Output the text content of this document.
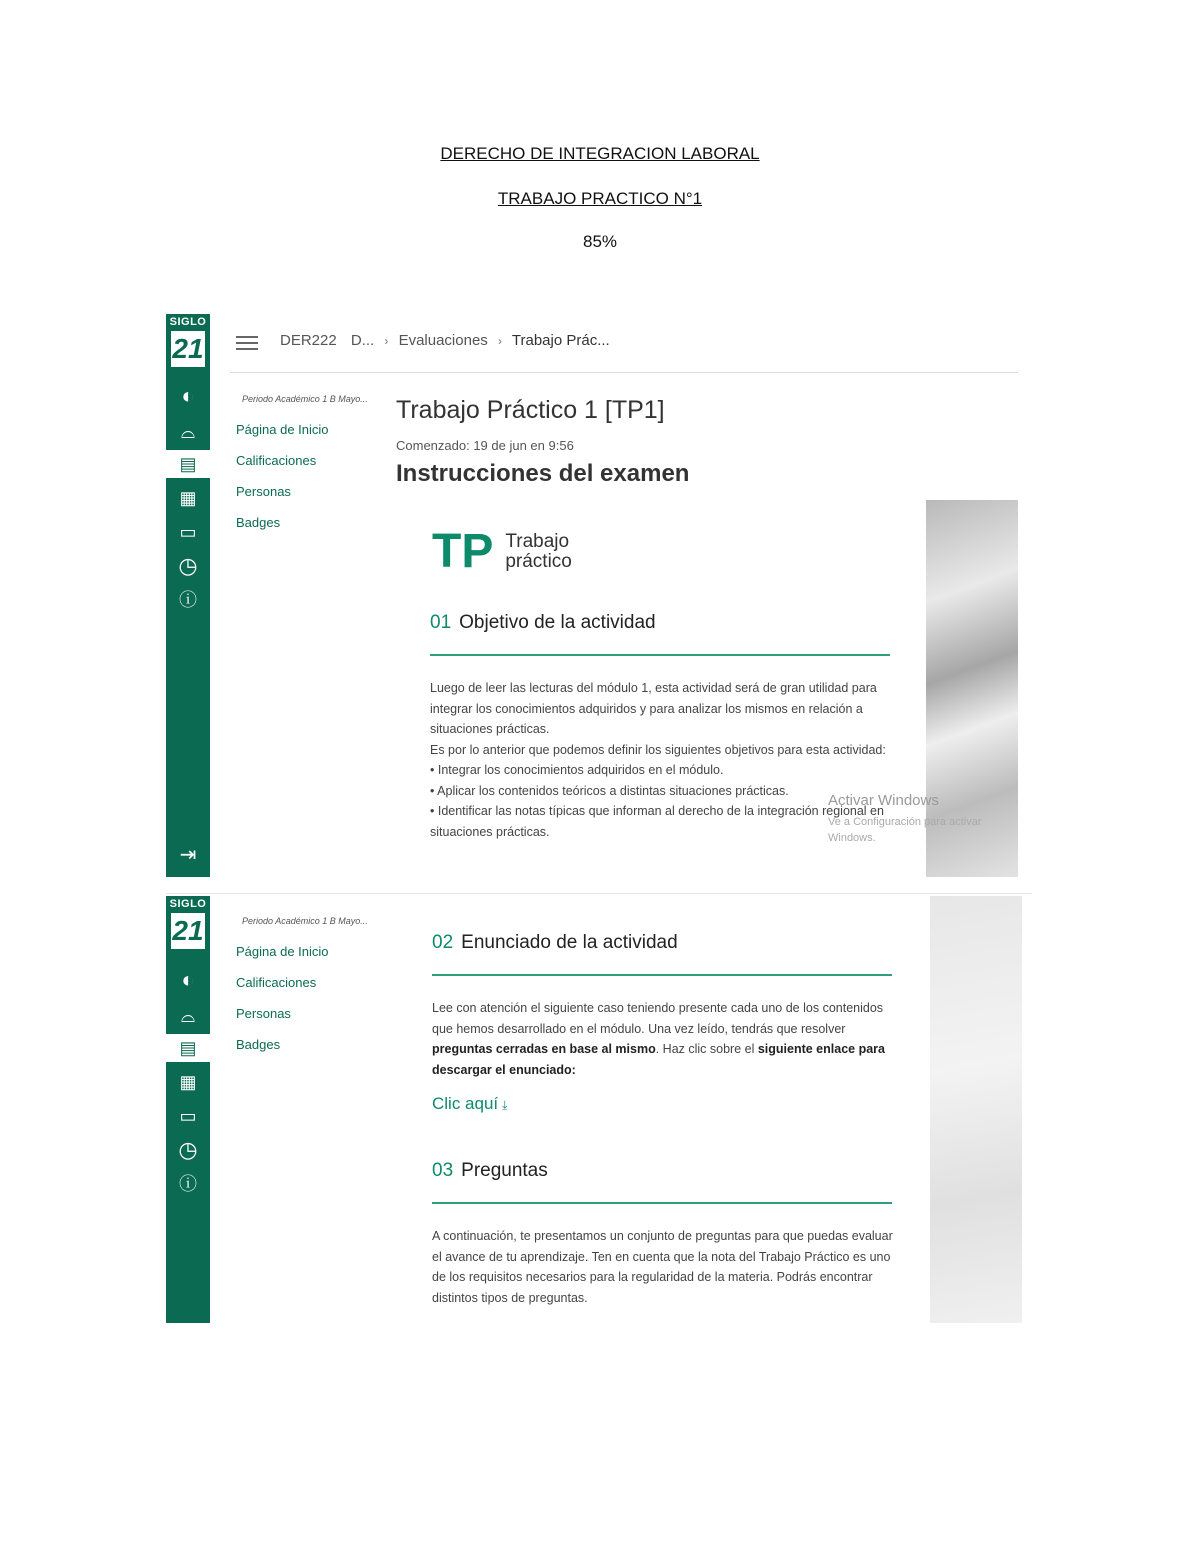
DERECHO DE INTEGRACION LABORAL
TRABAJO PRACTICO N°1
85%
SIGLO
21
◐
⌓
▤
▦
▭
◷
ⓘ
⇥
DER222 D... › Evaluaciones › Trabajo Prác...
Periodo Académico 1 B Mayo...
Página de Inicio
Calificaciones
Personas
Badges
Trabajo Práctico 1 [TP1]
Comenzado: 19 de jun en 9:56
Instrucciones del examen
TP Trabajo
práctico
01 Objetivo de la actividad
Luego de leer las lecturas del módulo 1, esta actividad será de gran utilidad para integrar los conocimientos adquiridos y para analizar los mismos en relación a situaciones prácticas.
Es por lo anterior que podemos definir los siguientes objetivos para esta actividad:
• Integrar los conocimientos adquiridos en el módulo.
• Aplicar los contenidos teóricos a distintas situaciones prácticas.
• Identificar las notas típicas que informan al derecho de la integración regional en situaciones prácticas.
Activar Windows
Ve a Configuración para activar
Windows.
SIGLO
21
◐
⌓
▤
▦
▭
◷
ⓘ
Periodo Académico 1 B Mayo...
Página de Inicio
Calificaciones
Personas
Badges
02 Enunciado de la actividad
Lee con atención el siguiente caso teniendo presente cada uno de los contenidos que hemos desarrollado en el módulo. Una vez leído, tendrás que resolver preguntas cerradas en base al mismo. Haz clic sobre el siguiente enlace para descargar el enunciado:
Clic aquí ⤓
03 Preguntas
A continuación, te presentamos un conjunto de preguntas para que puedas evaluar el avance de tu aprendizaje. Ten en cuenta que la nota del Trabajo Práctico es uno de los requisitos necesarios para la regularidad de la materia. Podrás encontrar distintos tipos de preguntas.
